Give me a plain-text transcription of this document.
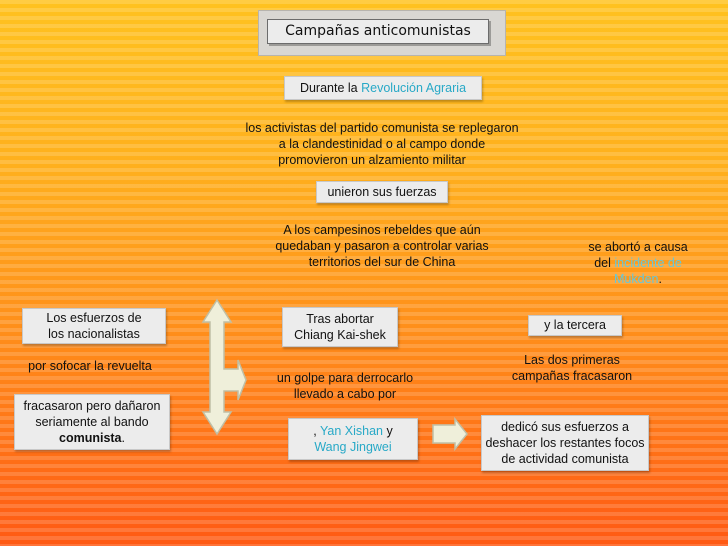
Campañas anticomunistas
Durante la Revolución Agraria
los activistas del partido comunista se replegaron
a la clandestinidad o al campo donde
promovieron un alzamiento militar
unieron sus fuerzas
A los campesinos rebeldes que aún
quedaban y pasaron a controlar varias
territorios del sur de China
se abortó a causa
del incidente de
Mukden.
Los esfuerzos de
los nacionalistas
por sofocar la revuelta
fracasaron pero dañaron
seriamente al bando
comunista.
Tras abortar
Chiang Kai-shek
y la tercera
Las dos primeras
campañas fracasaron
un golpe para derrocarlo
llevado a cabo por
, Yan Xishan y
Wang Jingwei
dedicó sus esfuerzos a
deshacer los restantes focos
de actividad comunista
